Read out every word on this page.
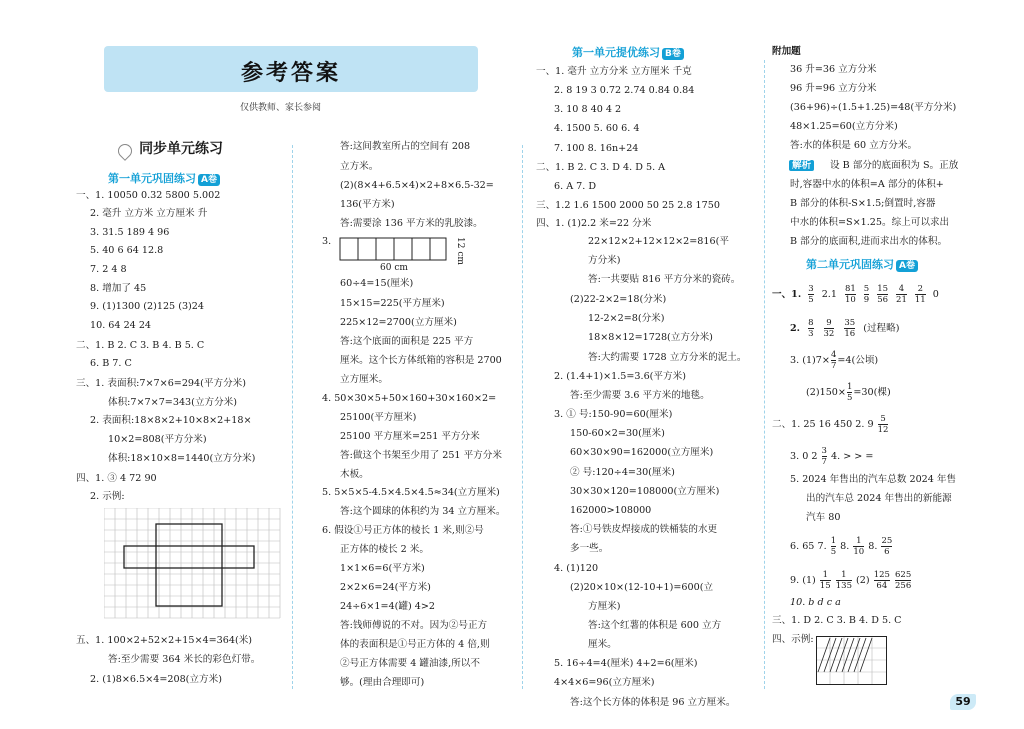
参考答案
仅供教师、家长参阅
同步单元练习
第一单元巩固练习 A卷
一、1. 10050 0.32 5800 5.002
2. 毫升 立方米 立方厘米 升
3. 31.5 189 4 96
5. 40 6 64 12.8
7. 2 4 8
8. 增加了 45
9. (1)1300 (2)125 (3)24
10. 64 24 24
二、1. B 2. C 3. B 4. B 5. C
6. B 7. C
三、1. 表面积:7×7×6=294(平方分米)
体积:7×7×7=343(立方分米)
2. 表面积:18×8×2+10×8×2+18×
10×2=808(平方分米)
体积:18×10×8=1440(立方分米)
四、1. ③ 4 72 90
2. 示例:
五、1. 100×2+52×2+15×4=364(米)
答:至少需要 364 米长的彩色灯带。
2. (1)8×6.5×4=208(立方米)
答:这间教室所占的空间有 208
立方米。
(2)(8×4+6.5×4)×2+8×6.5-32=
136(平方米)
答:需要涂 136 平方米的乳胶漆。
3.
60÷4=15(厘米)
15×15=225(平方厘米)
225×12=2700(立方厘米)
答:这个底面的面积是 225 平方
厘米。这个长方体纸箱的容积是 2700
立方厘米。
4. 50×30×5+50×160+30×160×2=
25100(平方厘米)
25100 平方厘米=251 平方分米
答:做这个书架至少用了 251 平方分米
木板。
5. 5×5×5-4.5×4.5×4.5≈34(立方厘米)
答:这个圆球的体积约为 34 立方厘米。
6. 假设①号正方体的棱长 1 米,则②号
正方体的棱长 2 米。
1×1×6=6(平方米)
2×2×6=24(平方米)
24÷6×1=4(罐) 4>2
答:钱师傅说的不对。因为②号正方
体的表面积是①号正方体的 4 倍,则
②号正方体需要 4 罐油漆,所以不
够。(理由合理即可)
60 cm
12 cm
第一单元提优练习 B卷
一、1. 毫升 立方分米 立方厘米 千克
2. 8 19 3 0.72 2.74 0.84 0.84
3. 10 8 40 4 2
4. 1500 5. 60 6. 4
7. 100 8. 16n+24
二、1. B 2. C 3. D 4. D 5. A
6. A 7. D
三、1.2 1.6 1500 2000 50 25 2.8 1750
四、1. (1)2.2 米=22 分米
22×12×2+12×12×2=816(平
方分米)
答:一共要贴 816 平方分米的瓷砖。
(2)22-2×2=18(分米)
12-2×2=8(分米)
18×8×12=1728(立方分米)
答:大约需要 1728 立方分米的泥土。
2. (1.4+1)×1.5=3.6(平方米)
答:至少需要 3.6 平方米的地毯。
3. ① 号:150-90=60(厘米)
150-60×2=30(厘米)
60×30×90=162000(立方厘米)
② 号:120÷4=30(厘米)
30×30×120=108000(立方厘米)
162000>108000
答:①号铁皮焊接成的铁桶装的水更
多一些。
4. (1)120
(2)20×10×(12-10+1)=600(立
方厘米)
答:这个红薯的体积是 600 立方
厘米。
5. 16÷4=4(厘米) 4+2=6(厘米)
4×4×6=96(立方厘米)
答:这个长方体的体积是 96 立方厘米。
附加题
36 升=36 立方分米
96 升=96 立方分米
(36+96)÷(1.5+1.25)=48(平方分米)
48×1.25=60(立方分米)
答:水的体积是 60 立方分米。
设 B 部分的底面积为 S。正放
时,容器中水的体积=A 部分的体积+
B 部分的体积-S×1.5;倒置时,容器
中水的体积=S×1.25。综上可以求出
B 部分的底面积,进而求出水的体积。
解析
第二单元巩固练习 A卷
一、1. $\frac{3}{5} 2.1 \frac{81}{10} \frac{5}{9} \frac{15}{56} \frac{4}{21} \frac{2}{11} 0$
2. $\frac{8}{3} \frac{9}{32} \frac{35}{16}$ (过程略)
3. $(1)7\times \frac{4}{7} =4$(公顷)
$(2)150\times \frac{1}{5} =30$(棵)
二、1. 25 16 450 2. $9 \frac{5}{12}$
3. 0 $2 \frac{3}{7} 4$. > > =
5. 2024 年售出的汽车总数 2024 年售
出的汽车总 2024 年售出的新能源
汽车 80
6. 65 7. $\frac{1}{5} 8$. $\frac{1}{10} 8$. $\frac{25}{6}$
9. $(1) \frac{1}{15}$
$\frac{1}{135} (2) \frac{125}{64}$
$\frac{625}{256}$
10. b d c a
三、1. D 2. C 3. B 4. D 5. C
四、示例:
59
